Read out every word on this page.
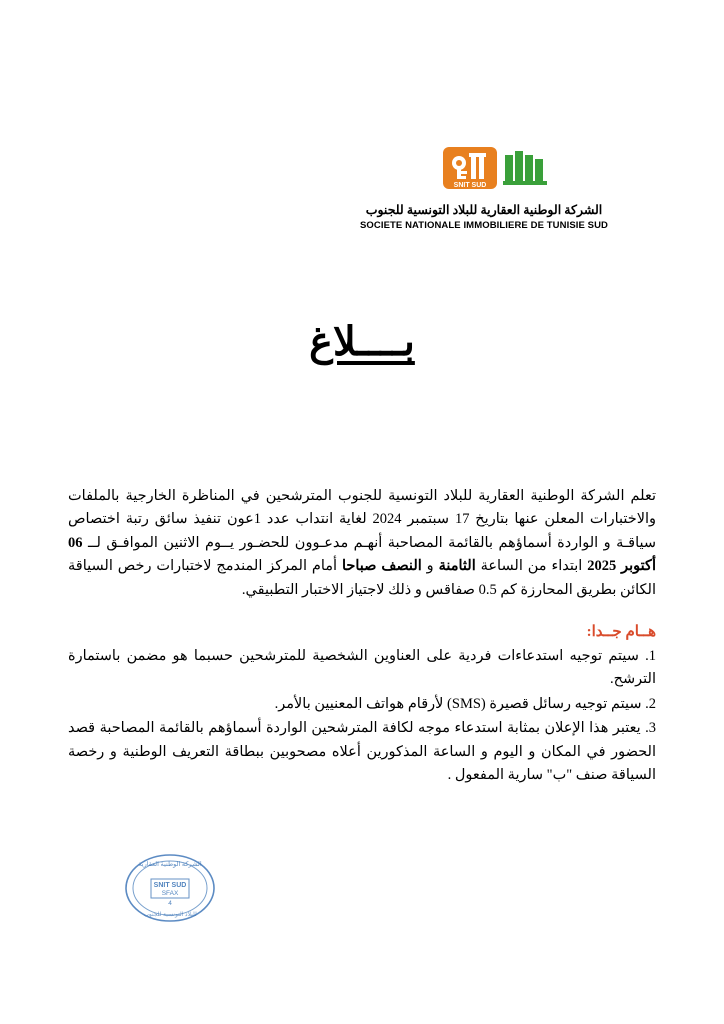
SNIT SUD
الشركة الوطنية العقارية للبلاد التونسية للجنوب
SOCIETE NATIONALE IMMOBILIERE DE TUNISIE SUD
بــــلاغ
تعلم الشركة الوطنية العقارية للبلاد التونسية للجنوب المترشحين في المناظرة الخارجية بالملفات والاختبارات المعلن عنها بتاريخ 17 سبتمبر 2024 لغاية انتداب عدد 1عون تنفيذ سائق رتبة اختصاص سياقـة و الواردة أسماؤهم بالقائمة المصاحبة أنهـم مدعـوون للحضـور يــوم الاثنين الموافـق لــ 06 أكتوبر 2025 ابتداء من الساعة الثامنة و النصف صباحا أمام المركز المندمج لاختبارات رخص السياقة الكائن بطريق المحارزة كم 0.5 صفاقس و ذلك لاجتياز الاختبار التطبيقي.
هــام جــدا:
1. سيتم توجيه استدعاءات فردية على العناوين الشخصية للمترشحين حسبما هو مضمن باستمارة الترشح.
2. سيتم توجيه رسائل قصيرة (SMS) لأرقام هواتف المعنيين بالأمر.
3. يعتبر هذا الإعلان بمثابة استدعاء موجه لكافة المترشحين الواردة أسماؤهم بالقائمة المصاحبة قصد الحضور في المكان و اليوم و الساعة المذكورين أعلاه مصحوبين ببطاقة التعريف الوطنية و رخصة السياقة صنف "ب" سارية المفعول .
الشركة الوطنية العقارية
SNIT SUD
SFAX
4
للبلاد التونسية للجنوب
